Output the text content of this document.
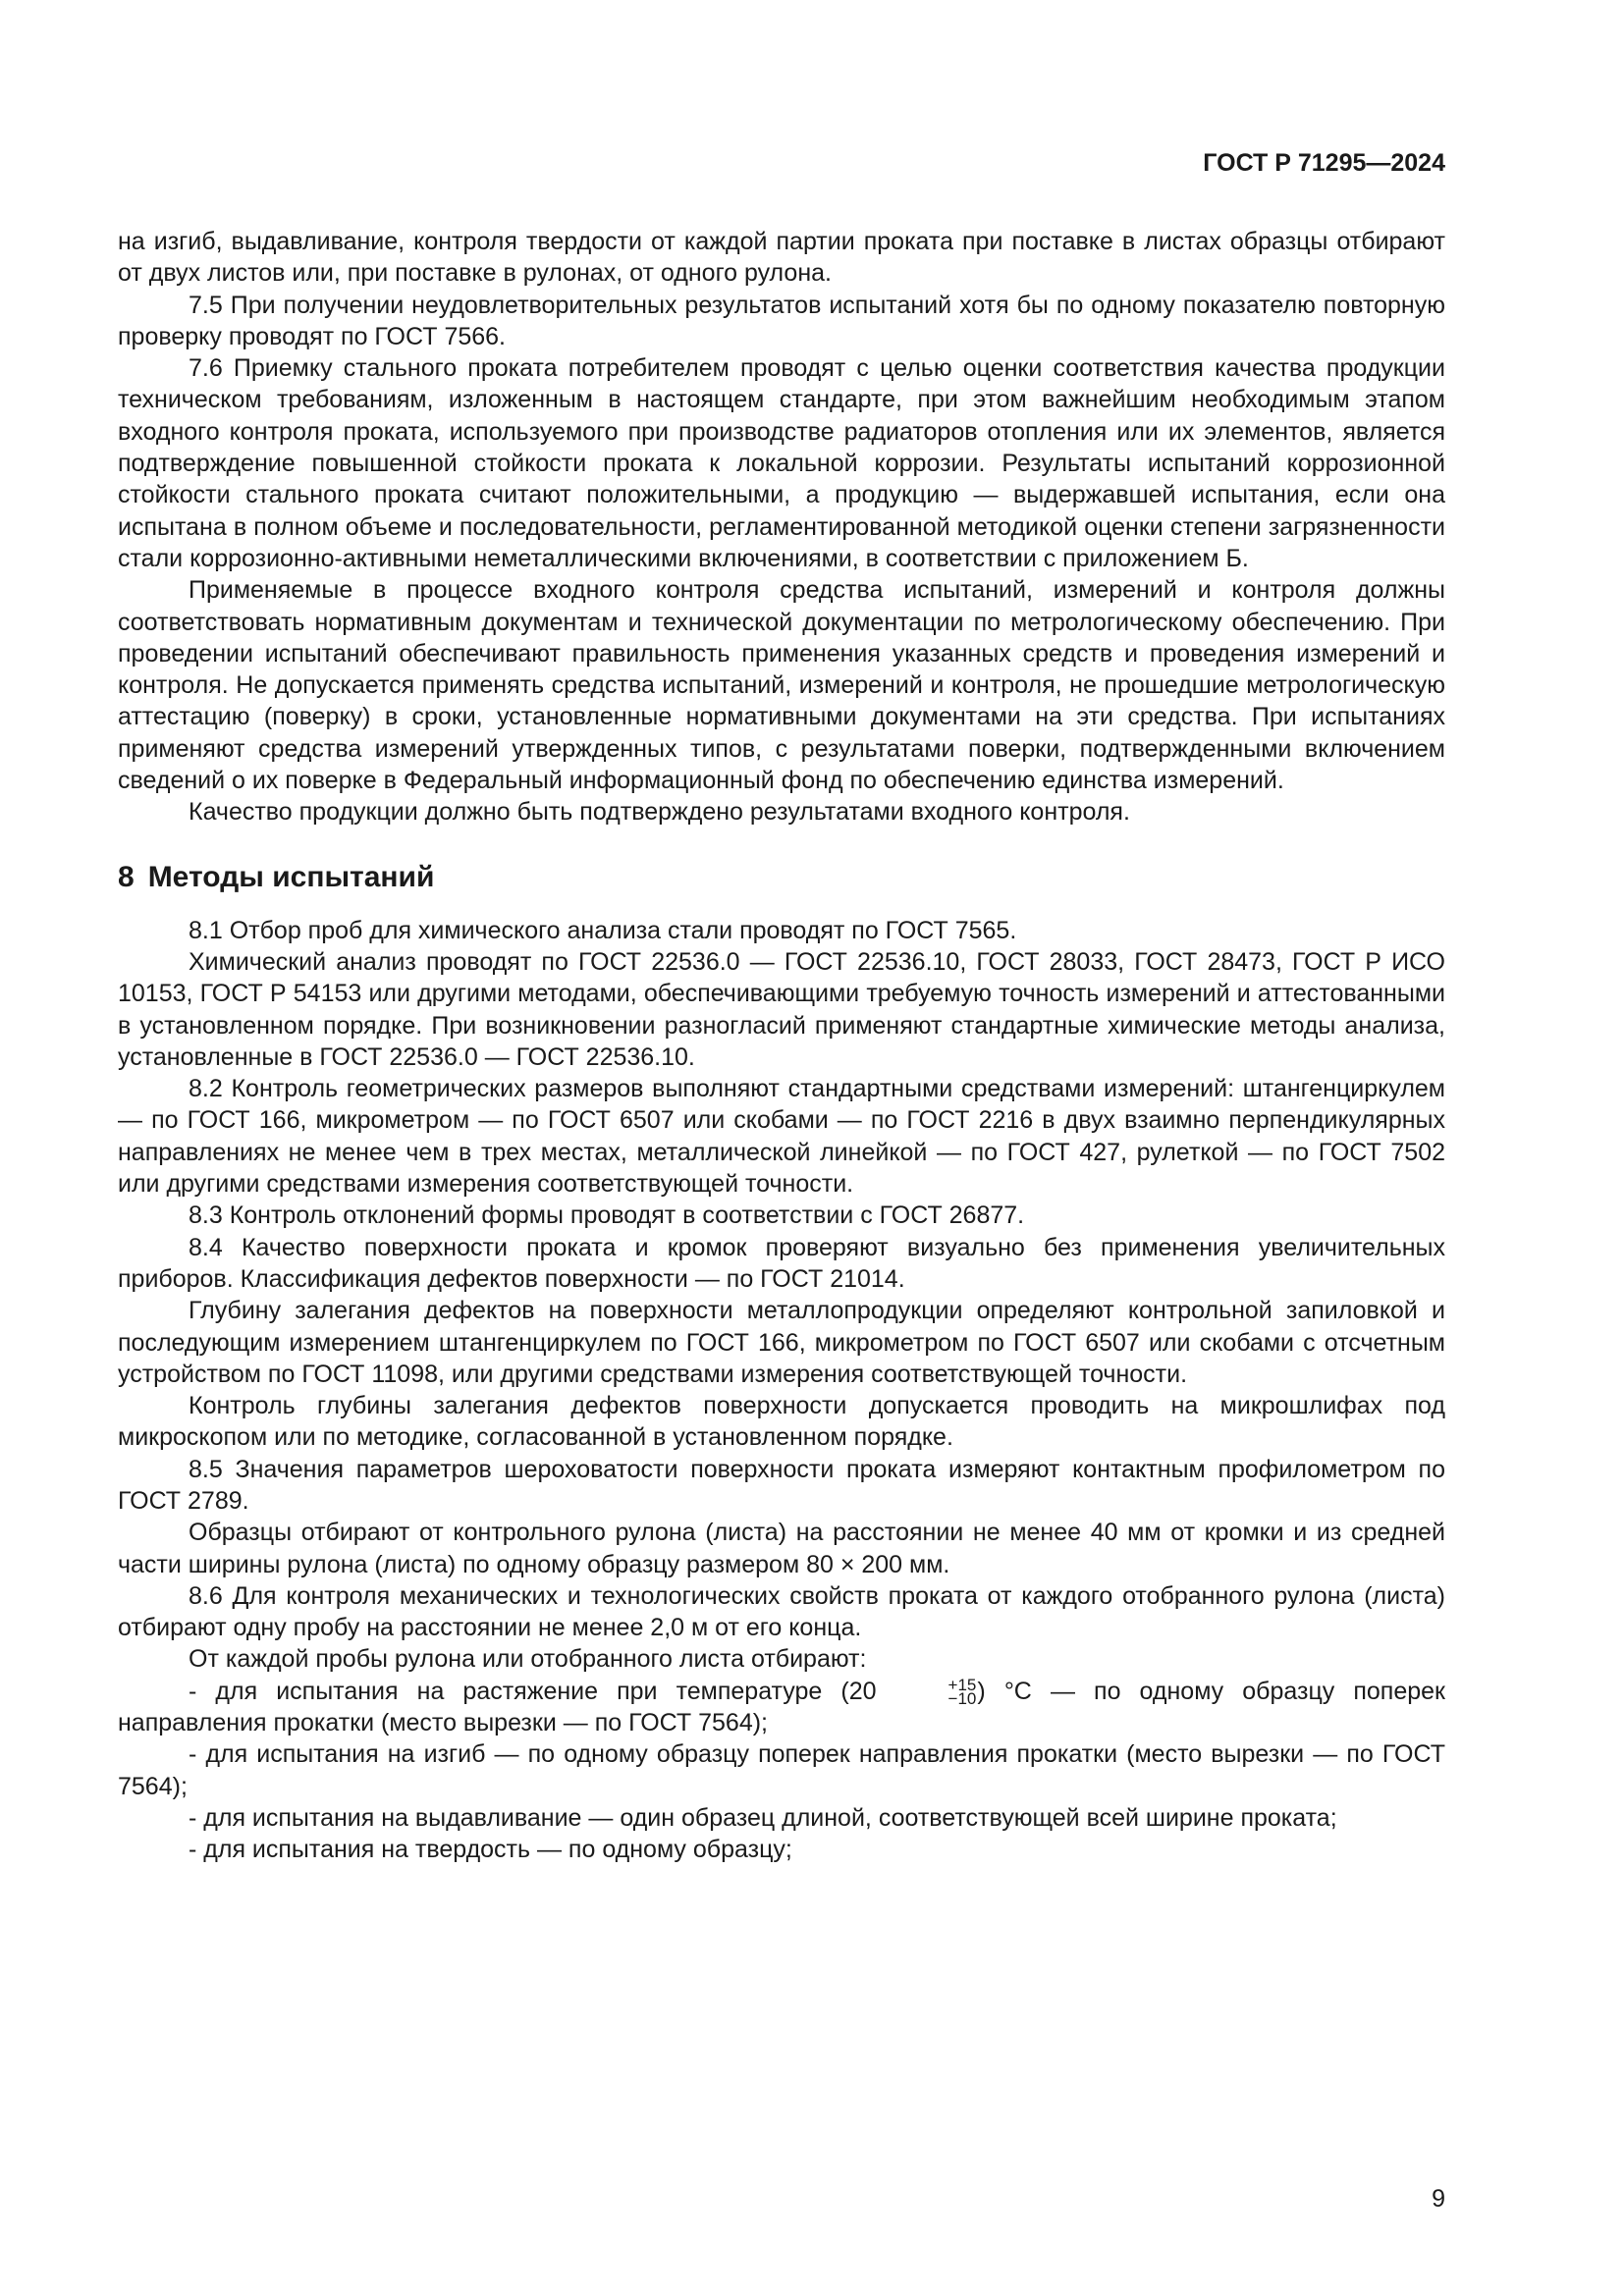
ГОСТ Р 71295—2024

на изгиб, выдавливание, контроля твердости от каждой партии проката при поставке в листах образцы отбирают от двух листов или, при поставке в рулонах, от одного рулона.

7.5 При получении неудовлетворительных результатов испытаний хотя бы по одному показателю повторную проверку проводят по ГОСТ 7566.

7.6 Приемку стального проката потребителем проводят с целью оценки соответствия качества продукции техническом требованиям, изложенным в настоящем стандарте, при этом важнейшим необходимым этапом входного контроля проката, используемого при производстве радиаторов отопления или их элементов, является подтверждение повышенной стойкости проката к локальной коррозии. Результаты испытаний коррозионной стойкости стального проката считают положительными, а продукцию — выдержавшей испытания, если она испытана в полном объеме и последовательности, регламентированной методикой оценки степени загрязненности стали коррозионно-активными неметаллическими включениями, в соответствии с приложением Б.

Применяемые в процессе входного контроля средства испытаний, измерений и контроля должны соответствовать нормативным документам и технической документации по метрологическому обеспечению. При проведении испытаний обеспечивают правильность применения указанных средств и проведения измерений и контроля. Не допускается применять средства испытаний, измерений и контроля, не прошедшие метрологическую аттестацию (поверку) в сроки, установленные нормативными документами на эти средства. При испытаниях применяют средства измерений утвержденных типов, с результатами поверки, подтвержденными включением сведений о их поверке в Федеральный информационный фонд по обеспечению единства измерений.

Качество продукции должно быть подтверждено результатами входного контроля.

8 Методы испытаний

8.1 Отбор проб для химического анализа стали проводят по ГОСТ 7565.

Химический анализ проводят по ГОСТ 22536.0 — ГОСТ 22536.10, ГОСТ 28033, ГОСТ 28473, ГОСТ Р ИСО 10153, ГОСТ Р 54153 или другими методами, обеспечивающими требуемую точность измерений и аттестованными в установленном порядке. При возникновении разногласий применяют стандартные химические методы анализа, установленные в ГОСТ 22536.0 — ГОСТ 22536.10.

8.2 Контроль геометрических размеров выполняют стандартными средствами измерений: штангенциркулем — по ГОСТ 166, микрометром — по ГОСТ 6507 или скобами — по ГОСТ 2216 в двух взаимно перпендикулярных направлениях не менее чем в трех местах, металлической линейкой — по ГОСТ 427, рулеткой — по ГОСТ 7502 или другими средствами измерения соответствующей точности.

8.3 Контроль отклонений формы проводят в соответствии с ГОСТ 26877.

8.4 Качество поверхности проката и кромок проверяют визуально без применения увеличительных приборов. Классификация дефектов поверхности — по ГОСТ 21014.

Глубину залегания дефектов на поверхности металлопродукции определяют контрольной запиловкой и последующим измерением штангенциркулем по ГОСТ 166, микрометром по ГОСТ 6507 или скобами с отсчетным устройством по ГОСТ 11098, или другими средствами измерения соответствующей точности.

Контроль глубины залегания дефектов поверхности допускается проводить на микрошлифах под микроскопом или по методике, согласованной в установленном порядке.

8.5 Значения параметров шероховатости поверхности проката измеряют контактным профилометром по ГОСТ 2789.

Образцы отбирают от контрольного рулона (листа) на расстоянии не менее 40 мм от кромки и из средней части ширины рулона (листа) по одному образцу размером 80 × 200 мм.

8.6 Для контроля механических и технологических свойств проката от каждого отобранного рулона (листа) отбирают одну пробу на расстоянии не менее 2,0 м от его конца.

От каждой пробы рулона или отобранного листа отбирают:

- для испытания на растяжение при температуре (20	+15
−10 ) °С — по одному образцу поперек направления прокатки (место вырезки — по ГОСТ 7564);

- для испытания на изгиб — по одному образцу поперек направления прокатки (место вырезки — по ГОСТ 7564);

- для испытания на выдавливание — один образец длиной, соответствующей всей ширине проката;

- для испытания на твердость — по одному образцу;

9
